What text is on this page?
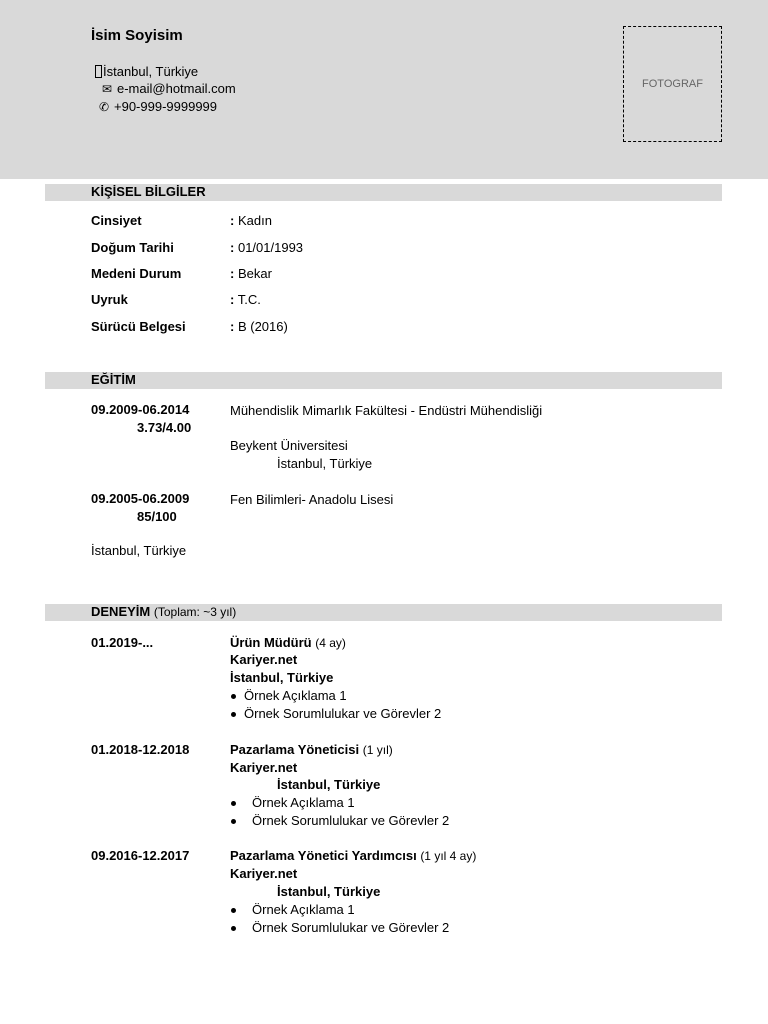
İsim Soyisim
İstanbul, Türkiye
✉ e-mail@hotmail.com
✆ +90-999-9999999
FOTOGRAF
KİŞİSEL BİLGİLER
Cinsiyet	: Kadın
Doğum Tarihi	: 01/01/1993
Medeni Durum	: Bekar
Uyruk	: T.C.
Sürücü Belgesi	: B (2016)
EĞİTİM
09.2009-06.2014
3.73/4.00
Mühendislik Mimarlık Fakültesi - Endüstri Mühendisliği
Beykent Üniversitesi
İstanbul, Türkiye
09.2005-06.2009
85/100
Fen Bilimleri- Anadolu Lisesi
İstanbul, Türkiye
DENEYİM (Toplam: ~3 yıl)
01.2019-...	Ürün Müdürü (4 ay)
Kariyer.net
İstanbul, Türkiye
Örnek Açıklama 1
Örnek Sorumlulukar ve Görevler 2
01.2018-12.2018	Pazarlama Yöneticisi (1 yıl)
Kariyer.net
İstanbul, Türkiye
Örnek Açıklama 1
Örnek Sorumlulukar ve Görevler 2
09.2016-12.2017	Pazarlama Yönetici Yardımcısı (1 yıl 4 ay)
Kariyer.net
İstanbul, Türkiye
Örnek Açıklama 1
Örnek Sorumlulukar ve Görevler 2
